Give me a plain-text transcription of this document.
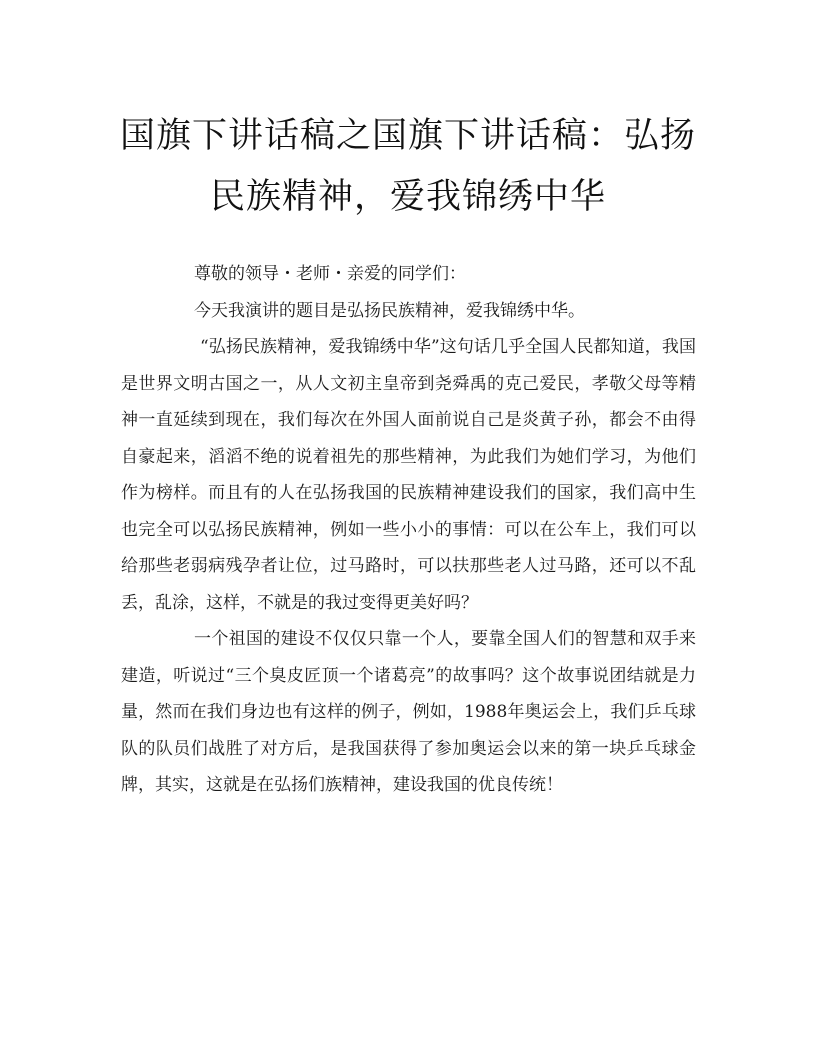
国旗下讲话稿之国旗下讲话稿：弘扬民族精神，爱我锦绣中华

尊敬的领导・老师・亲爱的同学们：

今天我演讲的题目是弘扬民族精神，爱我锦绣中华。

“弘扬民族精神，爱我锦绣中华”这句话几乎全国人民都知道，我国是世界文明古国之一，从人文初主皇帝到尧舜禹的克己爱民，孝敬父母等精神一直延续到现在，我们每次在外国人面前说自己是炎黄子孙，都会不由得自豪起来，滔滔不绝的说着祖先的那些精神，为此我们为她们学习，为他们作为榜样。而且有的人在弘扬我国的民族精神建设我们的国家，我们高中生也完全可以弘扬民族精神，例如一些小小的事情：可以在公车上，我们可以给那些老弱病残孕者让位，过马路时，可以扶那些老人过马路，还可以不乱丢，乱涂，这样，不就是的我过变得更美好吗？

一个祖国的建设不仅仅只靠一个人，要靠全国人们的智慧和双手来建造，听说过“三个臭皮匠顶一个诸葛亮”的故事吗？这个故事说团结就是力量，然而在我们身边也有这样的例子，例如，1988年奥运会上，我们乒乓球队的队员们战胜了对方后，是我国获得了参加奥运会以来的第一块乒乓球金牌，其实，这就是在弘扬们族精神，建设我国的优良传统！
